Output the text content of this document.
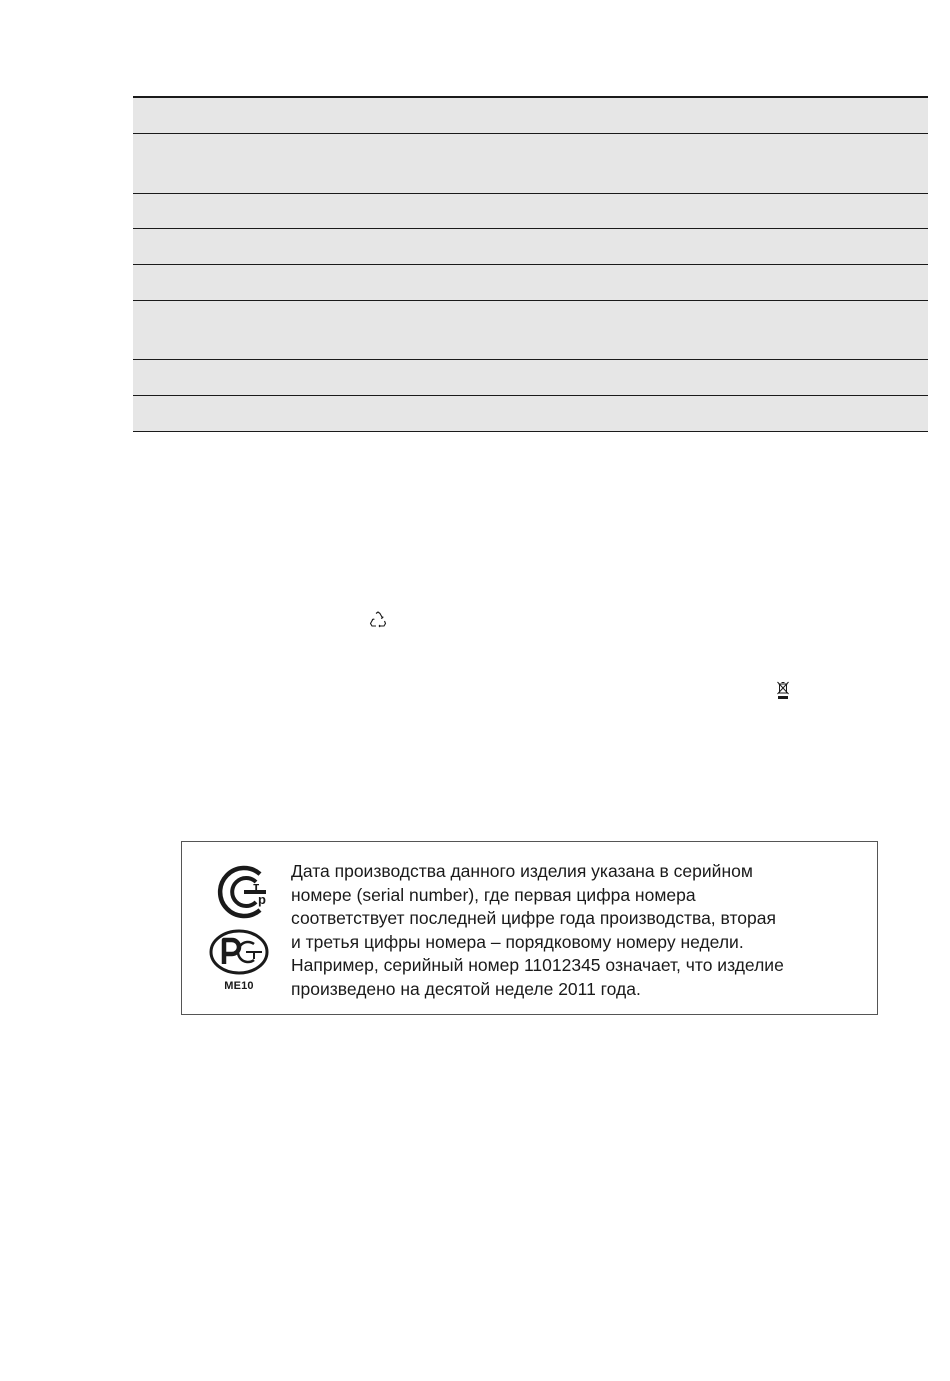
т
р
ME10

Дата производства данного изделия указана в серийном
номере (serial number), где первая цифра номера
соответствует последней цифре года производства, вторая
и третья цифры номера – порядковому номеру недели.
Например, серийный номер 11012345 означает, что изделие
произведено на десятой неделе 2011 года.
